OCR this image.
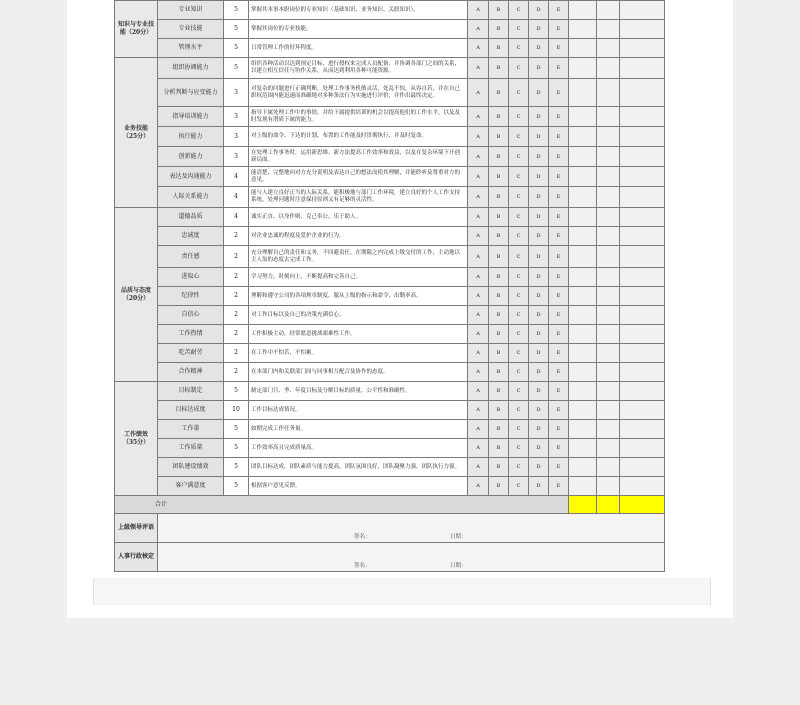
知识与专业技能（20分）	专业知识	5	掌握其本事本职岗位的专业知识（基础知识、业务知识、关联知识）。	A	B	C	D	E			
	专业技能	5	掌握其岗位的专业技能。	A	B	C	D	E			
	管理水平	5	日常管理工作的好坏程度。	A	B	C	D	E			
业务技能（25分）	组织协调能力	5	组织各种活动以达到预定目标，进行授权来完成人员配备，并协调各部门之间的关系，以建立相互信任与协作关系，从而达到利用各种可能资源。	A	B	C	D	E			
	分析判断与应变能力	3	对复杂的问题进行正确判断，处理工作事务机敏灵活，处乱不惊，从容自若，并在自己职权范围内能迅速而准确地对多种条法行为实施进行评价，并作出最终决定。	A	B	C	D	E			
	指导培训能力	3	指导下属处理工作中的事情，并给下属提供培训的机会以提高他们的工作水平，以及及时发现有潜质下属的能力。	A	B	C	D	E			
	执行能力	3	对上级的命令、下达的计划、布置的工作能及时贯彻执行，并及时复命。	A	B	C	D	E			
	创新能力	3	在处理工作事务时，运用新思维、新方法提高工作效率和效益，以及在复杂环境下开创新局面。	A	B	C	D	E			
	表达及沟通能力	4	能清楚、完整地向对方充分说明及表达自己的想法而使其理解，并能聆听及尊重对方的意见。	A	B	C	D	E			
	人际关系能力	4	能与人建立良好正当的人际关系，能积极地与部门工作环境，建立良好的个人工作支持系统，处理问题时注意保持原则又有足够的灵活性。	A	B	C	D	E			
品质与态度（20分）	道德品质	4	诚实正直、以身作则、克己奉公、乐于助人。	A	B	C	D	E			
	忠诚度	2	对企业忠诚的程度及爱护企业的行为。	A	B	C	D	E			
	责任感	2	充分理解自己的责任和义务，不回避责任，在期限之内完成上级交付的工作，主动地以主人翁的态度去完成工作。	A	B	C	D	E			
	进取心	2	学习努力，时刻向上，不断提高和完善自己。	A	B	C	D	E			
	纪律性	2	理解和遵守公司的各项规章制度，服从上级的指示和命令，出勤率高。	A	B	C	D	E			
	自信心	2	对工作目标以及自己的决策充满信心。	A	B	C	D	E			
	工作热情	2	工作积极主动，经常愿意挑战艰难性工作。	A	B	C	D	E			
	吃苦耐劳	2	在工作中不怕苦，不怕累。	A	B	C	D	E			
	合作精神	2	在本部门内和关联部门间与同事相互配合及协作的态度。	A	B	C	D	E			
工作绩效（35分）	目标制定	5	制定部门月、季、年度目标及分解目标的质量、公平性和准确性。	A	B	C	D	E			
	目标达成度	10	工作目标达成情况。	A	B	C	D	E			
	工作量	5	如期完成工作任务量。	A	B	C	D	E			
	工作质量	5	工作效率高且完成质量高。	A	B	C	D	E			
	团队建设绩效	5	团队目标达成，团队素质与能力提高，团队氛围良好，团队凝聚力强，团队执行力强。	A	B	C	D	E			
	客户满意度	5	根据客户意见反馈。	A	B	C	D	E			
合计											
上级领导评语	签名： 日期：										

人事行政核定	签名： 日期：										
